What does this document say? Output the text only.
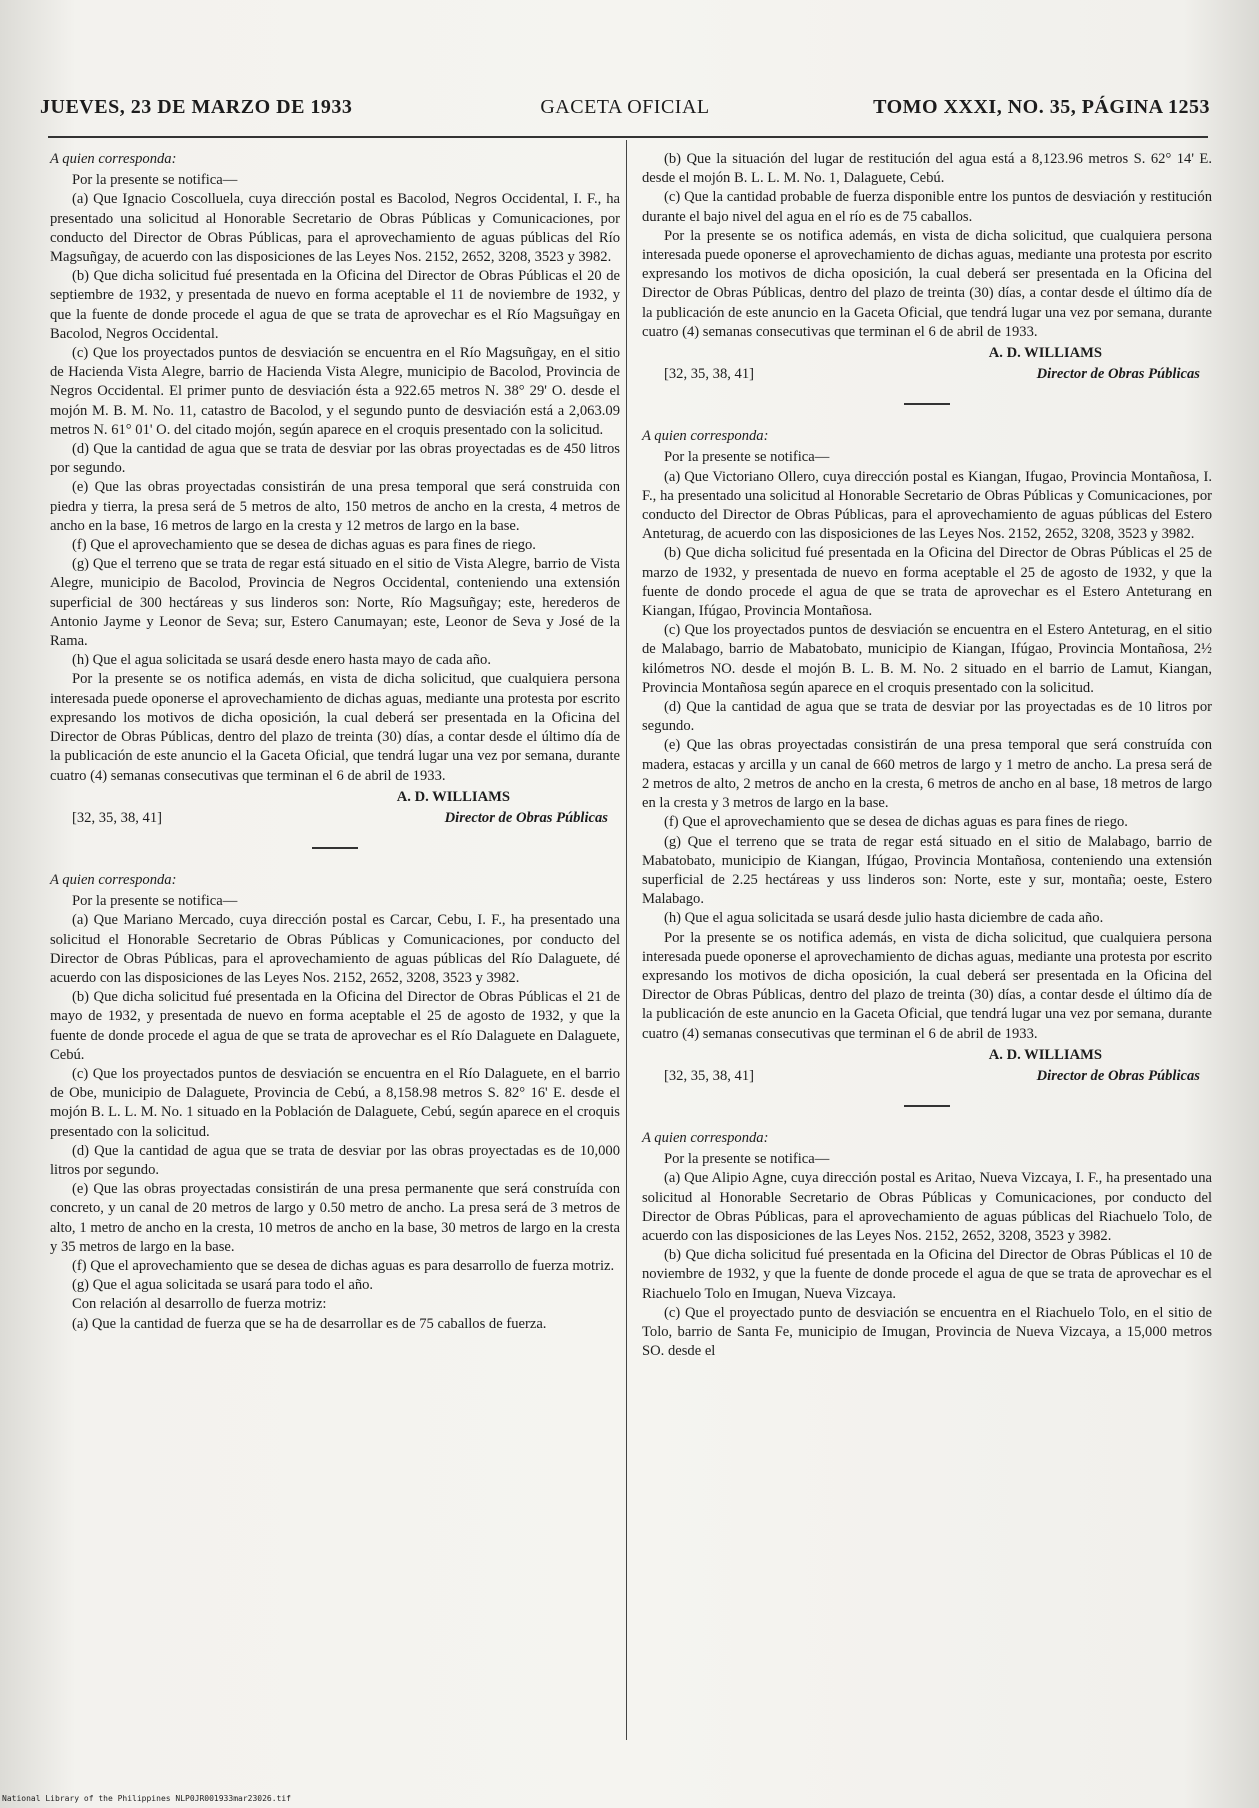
JUEVES, 23 DE MARZO DE 1933	GACETA OFICIAL	TOMO XXXI, NO. 35, PÁGINA 1253
A quien corresponda:

Por la presente se notifica—

(a) Que Ignacio Coscolluela, cuya dirección postal es Bacolod, Negros Occidental, I. F., ha presentado una solicitud al Honorable Secretario de Obras Públicas y Comunicaciones, por conducto del Director de Obras Públicas, para el aprovechamiento de aguas públicas del Río Magsuñgay, de acuerdo con las disposiciones de las Leyes Nos. 2152, 2652, 3208, 3523 y 3982.

(b) Que dicha solicitud fué presentada en la Oficina del Director de Obras Públicas el 20 de septiembre de 1932, y presentada de nuevo en forma aceptable el 11 de noviembre de 1932, y que la fuente de donde procede el agua de que se trata de aprovechar es el Río Magsuñgay en Bacolod, Negros Occidental.

(c) Que los proyectados puntos de desviación se encuentra en el Río Magsuñgay, en el sitio de Hacienda Vista Alegre, barrio de Hacienda Vista Alegre, municipio de Bacolod, Provincia de Negros Occidental. El primer punto de desviación ésta a 922.65 metros N. 38° 29' O. desde el mojón M. B. M. No. 11, catastro de Bacolod, y el segundo punto de desviación está a 2,063.09 metros N. 61° 01' O. del citado mojón, según aparece en el croquis presentado con la solicitud.

(d) Que la cantidad de agua que se trata de desviar por las obras proyectadas es de 450 litros por segundo.

(e) Que las obras proyectadas consistirán de una presa temporal que será construida con piedra y tierra, la presa será de 5 metros de alto, 150 metros de ancho en la cresta, 4 metros de ancho en la base, 16 metros de largo en la cresta y 12 metros de largo en la base.

(f) Que el aprovechamiento que se desea de dichas aguas es para fines de riego.

(g) Que el terreno que se trata de regar está situado en el sitio de Vista Alegre, barrio de Vista Alegre, municipio de Bacolod, Provincia de Negros Occidental, conteniendo una extensión superficial de 300 hectáreas y sus linderos son: Norte, Río Magsuñgay; este, herederos de Antonio Jayme y Leonor de Seva; sur, Estero Canumayan; este, Leonor de Seva y José de la Rama.

(h) Que el agua solicitada se usará desde enero hasta mayo de cada año.

Por la presente se os notifica además, en vista de dicha solicitud, que cualquiera persona interesada puede oponerse el aprovechamiento de dichas aguas, mediante una protesta por escrito expresando los motivos de dicha oposición, la cual deberá ser presentada en la Oficina del Director de Obras Públicas, dentro del plazo de treinta (30) días, a contar desde el último día de la publicación de este anuncio el la Gaceta Oficial, que tendrá lugar una vez por semana, durante cuatro (4) semanas consecutivas que terminan el 6 de abril de 1933.

A. D. WILLIAMS
[32, 35, 38, 41]	Director de Obras Públicas
A quien corresponda:

Por la presente se notifica—

(a) Que Mariano Mercado, cuya dirección postal es Carcar, Cebu, I. F., ha presentado una solicitud el Honorable Secretario de Obras Públicas y Comunicaciones, por conducto del Director de Obras Públicas, para el aprovechamiento de aguas públicas del Río Dalaguete, dé acuerdo con las disposiciones de las Leyes Nos. 2152, 2652, 3208, 3523 y 3982.

(b) Que dicha solicitud fué presentada en la Oficina del Director de Obras Públicas el 21 de mayo de 1932, y presentada de nuevo en forma aceptable el 25 de agosto de 1932, y que la fuente de donde procede el agua de que se trata de aprovechar es el Río Dalaguete en Dalaguete, Cebú.

(c) Que los proyectados puntos de desviación se encuentra en el Río Dalaguete, en el barrio de Obe, municipio de Dalaguete, Provincia de Cebú, a 8,158.98 metros S. 82° 16' E. desde el mojón B. L. L. M. No. 1 situado en la Población de Dalaguete, Cebú, según aparece en el croquis presentado con la solicitud.

(d) Que la cantidad de agua que se trata de desviar por las obras proyectadas es de 10,000 litros por segundo.

(e) Que las obras proyectadas consistirán de una presa permanente que será construída con concreto, y un canal de 20 metros de largo y 0.50 metro de ancho. La presa será de 3 metros de alto, 1 metro de ancho en la cresta, 10 metros de ancho en la base, 30 metros de largo en la cresta y 35 metros de largo en la base.

(f) Que el aprovechamiento que se desea de dichas aguas es para desarrollo de fuerza motriz.

(g) Que el agua solicitada se usará para todo el año.

Con relación al desarrollo de fuerza motriz:

(a) Que la cantidad de fuerza que se ha de desarrollar es de 75 caballos de fuerza.

(b) Que la situación del lugar de restitución del agua está a 8,123.96 metros S. 62° 14' E. desde el mojón B. L. L. M. No. 1, Dalaguete, Cebú.

(c) Que la cantidad probable de fuerza disponible entre los puntos de desviación y restitución durante el bajo nivel del agua en el río es de 75 caballos.

Por la presente se os notifica además, en vista de dicha solicitud, que cualquiera persona interesada puede oponerse el aprovechamiento de dichas aguas, mediante una protesta por escrito expresando los motivos de dicha oposición, la cual deberá ser presentada en la Oficina del Director de Obras Públicas, dentro del plazo de treinta (30) días, a contar desde el último día de la publicación de este anuncio en la Gaceta Oficial, que tendrá lugar una vez por semana, durante cuatro (4) semanas consecutivas que terminan el 6 de abril de 1933.

A. D. WILLIAMS
[32, 35, 38, 41]	Director de Obras Públicas
A quien corresponda:

Por la presente se notifica—

(a) Que Victoriano Ollero, cuya dirección postal es Kiangan, Ifugao, Provincia Montañosa, I. F., ha presentado una solicitud al Honorable Secretario de Obras Públicas y Comunicaciones, por conducto del Director de Obras Públicas, para el aprovechamiento de aguas públicas del Estero Anteturag, de acuerdo con las disposiciones de las Leyes Nos. 2152, 2652, 3208, 3523 y 3982.

(b) Que dicha solicitud fué presentada en la Oficina del Director de Obras Públicas el 25 de marzo de 1932, y presentada de nuevo en forma aceptable el 25 de agosto de 1932, y que la fuente de dondo procede el agua de que se trata de aprovechar es el Estero Anteturang en Kiangan, Ifúgao, Provincia Montañosa.

(c) Que los proyectados puntos de desviación se encuentra en el Estero Anteturag, en el sitio de Malabago, barrio de Mabatobato, municipio de Kiangan, Ifúgao, Provincia Montañosa, 2½ kilómetros NO. desde el mojón B. L. B. M. No. 2 situado en el barrio de Lamut, Kiangan, Provincia Montañosa según aparece en el croquis presentado con la solicitud.

(d) Que la cantidad de agua que se trata de desviar por las proyectadas es de 10 litros por segundo.

(e) Que las obras proyectadas consistirán de una presa temporal que será construída con madera, estacas y arcilla y un canal de 660 metros de largo y 1 metro de ancho. La presa será de 2 metros de alto, 2 metros de ancho en la cresta, 6 metros de ancho en al base, 18 metros de largo en la cresta y 3 metros de largo en la base.

(f) Que el aprovechamiento que se desea de dichas aguas es para fines de riego.

(g) Que el terreno que se trata de regar está situado en el sitio de Malabago, barrio de Mabatobato, municipio de Kiangan, Ifúgao, Provincia Montañosa, conteniendo una extensión superficial de 2.25 hectáreas y uss linderos son: Norte, este y sur, montaña; oeste, Estero Malabago.

(h) Que el agua solicitada se usará desde julio hasta diciembre de cada año.

Por la presente se os notifica además, en vista de dicha solicitud, que cualquiera persona interesada puede oponerse el aprovechamiento de dichas aguas, mediante una protesta por escrito expresando los motivos de dicha oposición, la cual deberá ser presentada en la Oficina del Director de Obras Públicas, dentro del plazo de treinta (30) días, a contar desde el último día de la publicación de este anuncio en la Gaceta Oficial, que tendrá lugar una vez por semana, durante cuatro (4) semanas consecutivas que terminan el 6 de abril de 1933.

A. D. WILLIAMS
[32, 35, 38, 41]	Director de Obras Públicas
A quien corresponda:

Por la presente se notifica—

(a) Que Alipio Agne, cuya dirección postal es Aritao, Nueva Vizcaya, I. F., ha presentado una solicitud al Honorable Secretario de Obras Públicas y Comunicaciones, por conducto del Director de Obras Públicas, para el aprovechamiento de aguas públicas del Riachuelo Tolo, de acuerdo con las disposiciones de las Leyes Nos. 2152, 2652, 3208, 3523 y 3982.

(b) Que dicha solicitud fué presentada en la Oficina del Director de Obras Públicas el 10 de noviembre de 1932, y que la fuente de donde procede el agua de que se trata de aprovechar es el Riachuelo Tolo en Imugan, Nueva Vizcaya.

(c) Que el proyectado punto de desviación se encuentra en el Riachuelo Tolo, en el sitio de Tolo, barrio de Santa Fe, municipio de Imugan, Provincia de Nueva Vizcaya, a 15,000 metros SO. desde el

National Library of the Philippines NLP0JR001933mar23026.tif
